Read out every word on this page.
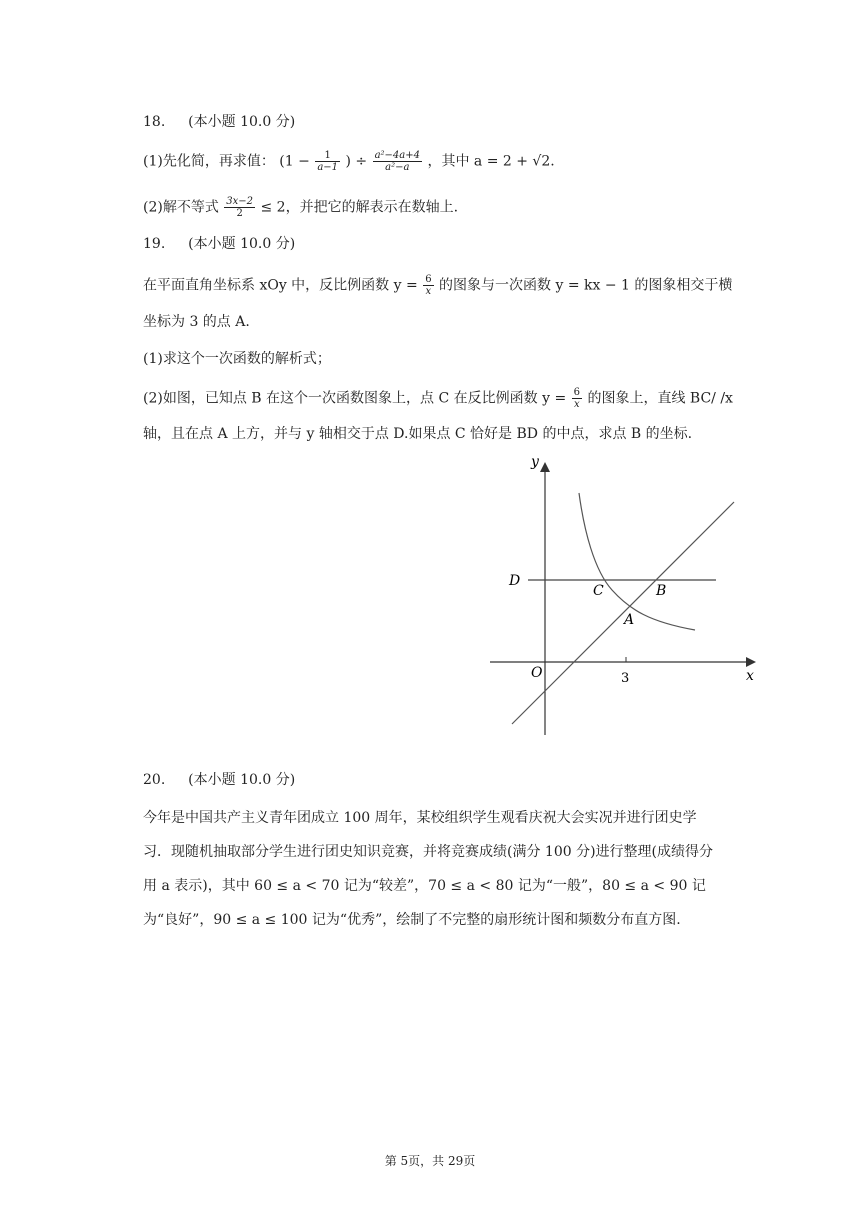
18. (本小题 10.0 分)
(1)先化简，再求值： ($1 - \frac{1}{a-1}$ ) ÷ $\frac{\text{a²−4a+4}}{\text{a²−a}}$ ，其中 a = 2 + √2.
(2)解不等式 $\frac{3x-2}{2} \le 2$，并把它的解表示在数轴上.
19. (本小题 10.0 分)
在平面直角坐标系 xOy 中，反比例函数 $y = \frac{6}{x}$ 的图象与一次函数 y = kx − 1 的图象相交于横
坐标为 3 的点 A.
(1)求这个一次函数的解析式；
(2)如图，已知点 B 在这个一次函数图象上，点 C 在反比例函数 $y = \frac{6}{x}$ 的图象上，直线 BC/ /x
轴，且在点 A 上方，并与 y 轴相交于点 D.如果点 C 恰好是 BD 的中点，求点 B 的坐标.
y
x
O
D
C	B
A
3
20. (本小题 10.0 分)
今年是中国共产主义青年团成立 100 周年，某校组织学生观看庆祝大会实况并进行团史学
习．现随机抽取部分学生进行团史知识竞赛，并将竞赛成绩(满分 100 分)进行整理(成绩得分
用 a 表示)，其中 60 ≤ a < 70 记为“较差”，70 ≤ a < 80 记为“一般”，80 ≤ a < 90 记
为“良好”，90 ≤ a ≤ 100 记为“优秀”，绘制了不完整的扇形统计图和频数分布直方图.
第 5页，共 29页
